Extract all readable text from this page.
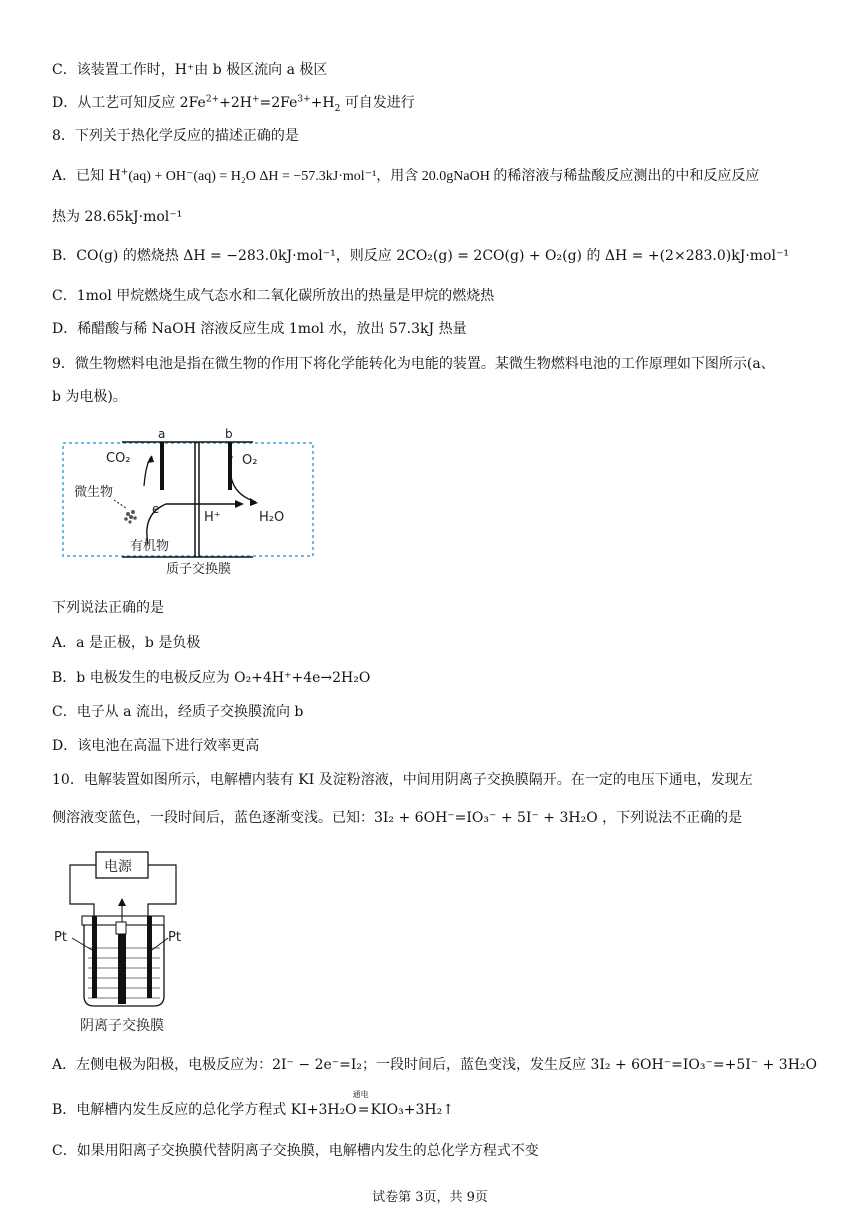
C．该装置工作时，H⁺由 b 极区流向 a 极区
D．从工艺可知反应 $2Fe^{2+}+2H^+=2Fe^{3+}+H_2$ 可自发进行
8．下列关于热化学反应的描述正确的是
A．已知 H+(aq) + OH⁻(aq) = H₂O ΔH = −57.3kJ·mol⁻¹，用含 20.0gNaOH 的稀溶液与稀盐酸反应测出的中和反应反应
热为 28.65kJ·mol⁻¹
B．CO(g) 的燃烧热 ΔH = −283.0kJ·mol⁻¹，则反应 2CO₂(g) = 2CO(g) + O₂(g) 的 ΔH = +(2×283.0)kJ·mol⁻¹
C．1mol 甲烷燃烧生成气态水和二氧化碳所放出的热量是甲烷的燃烧热
D．稀醋酸与稀 NaOH 溶液反应生成 1mol 水，放出 57.3kJ 热量
9．微生物燃料电池是指在微生物的作用下将化学能转化为电能的装置。某微生物燃料电池的工作原理如下图所示(a、
b 为电极)。
a	b
CO₂	O₂
e
微生物
有机物
H⁺	H₂O
质子交换膜
下列说法正确的是
A．a 是正极，b 是负极
B．b 电极发生的电极反应为 O₂+4H⁺+4e→2H₂O
C．电子从 a 流出，经质子交换膜流向 b
D．该电池在高温下进行效率更高
10．电解装置如图所示，电解槽内装有 KI 及淀粉溶液，中间用阴离子交换膜隔开。在一定的电压下通电，发现左
侧溶液变蓝色，一段时间后，蓝色逐渐变浅。已知：3I₂ + 6OH⁻=IO₃⁻ + 5I⁻ + 3H₂O ，下列说法不正确的是
电源
Pt	Pt
阴离子交换膜
A．左侧电极为阳极，电极反应为：2I⁻ − 2e⁻=I₂；一段时间后，蓝色变浅，发生反应 3I₂ + 6OH⁻=IO₃⁻=+5I⁻ + 3H₂O
B．电解槽内发生反应的总化学方程式 KI+3H₂O
通电
=KIO₃+3H₂↑
C．如果用阳离子交换膜代替阴离子交换膜，电解槽内发生的总化学方程式不变
试卷第 3页，共 9页
